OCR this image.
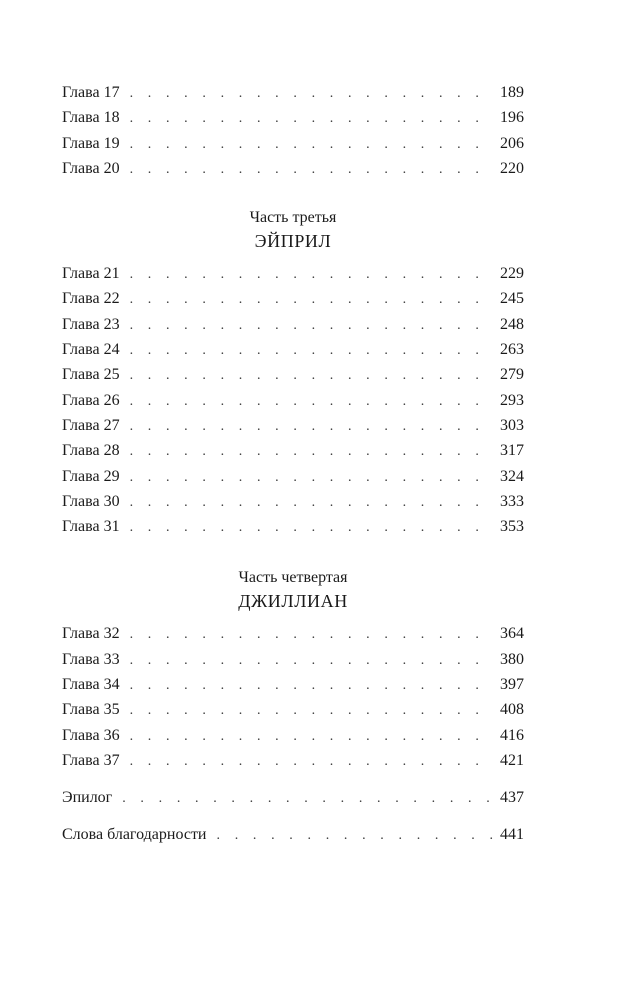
Глава 17 . . .	189
Глава 18 . . .	196
Глава 19 . . .	206
Глава 20 . . .	220
Часть третья
ЭЙПРИЛ
Глава 21 . . .	229
Глава 22 . . .	245
Глава 23 . . .	248
Глава 24 . . .	263
Глава 25 . . .	279
Глава 26 . . .	293
Глава 27 . . .	303
Глава 28 . . .	317
Глава 29 . . .	324
Глава 30 . . .	333
Глава 31 . . .	353
Часть четвертая
ДЖИЛЛИАН
Глава 32 . . .	364
Глава 33 . . .	380
Глава 34 . . .	397
Глава 35 . . .	408
Глава 36 . . .	416
Глава 37 . . .	421
Эпилог . . .	437
Слова благодарности . . .	441
